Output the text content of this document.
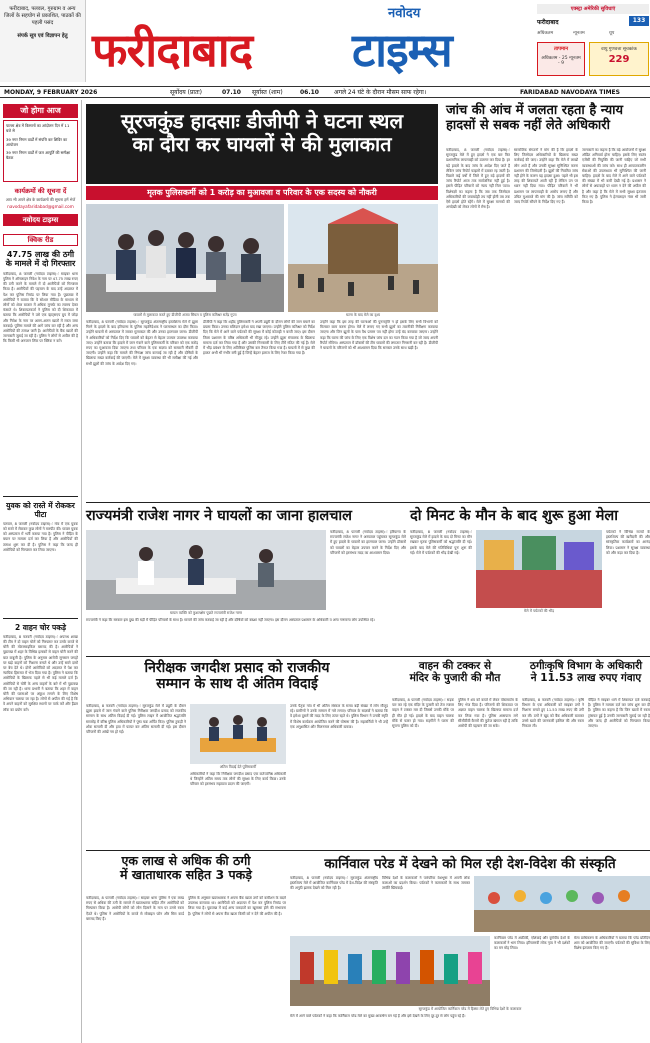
फरीदाबाद, पलवल, गुरुग्राम व अन्य जिलों के सहयोग से प्रकाशित, पाठकों की पहली पसंद
संपर्क सूत्र एवं विज्ञापन हेतु
नवोदय
फरीदाबाद टाइम्स
एक्स्ट्रा अमेरिकी सुविधाएं
फरीदाबाद	133
अधिकतम	न्यूनतम	धूप
तापमान
अधिकतम - 25 न्यूनतम - 9
वायु गुणवत्ता सूचकांक
229
MONDAY, 9 FEBRUARY 2026	सूर्योदय (प्रातः)	07.10 सूर्यास्त (शाम)	06.10	अगले 24 घंटे के दौरान मौसम साफ रहेगा।	FARIDABAD NAVODAYA TIMES
जो होगा आज
पाल्ला क्षेत्र में किसानों का आंदोलन दिन में 11 बजे से
39 नगर निगम वार्डों में संपत्ति कर शिविर का आयोजन
39 नगर निगम वार्डों में जल आपूर्ति की समीक्षा बैठक
कार्यक्रमों की सूचना दें
आप भी अपने क्षेत्र के कार्यक्रमों की सूचना हमें भेजें
navodayafaridabad@gmail.com
नवोदय टाइम्स
क्विक रीड
47.75 लाख की ठगी के मामले में दो गिरफ्तार
फरीदाबाद, 8 फरवरी (नवोदय टाइम्स)ः साइबर थाना पुलिस ने ऑनलाइन निवेश के नाम पर 47.75 लाख रुपए की ठगी करने के मामले में दो आरोपियों को गिरफ्तार किया है। आरोपियों की पहचान के बाद उन्हें अदालत में पेश कर पुलिस रिमांड पर लिया गया है। पूछताछ में आरोपियों ने बताया कि वे सोशल मीडिया के माध्यम से लोगों को शेयर बाजार में अधिक मुनाफे का लालच देकर फंसाते थे। शिकायतकर्ता ने पुलिस को दी शिकायत में बताया कि आरोपियों ने उसे एक व्हाट्सएप ग्रुप में जोड़ा और निवेश के नाम पर अलग-अलग खातों में रकम जमा करवाई। पुलिस मामले की आगे जांच कर रही है और अन्य आरोपियों की तलाश जारी है। आरोपियों के बैंक खातों की जानकारी जुटाई जा रही है। पुलिस ने लोगों से अपील की है कि किसी भी अनजान लिंक पर क्लिक न करें।
युवक को रास्ते में रोककर पीटा
पलवल, 8 फरवरी (नवोदय टाइम्स)ः गांव में एक युवक को रास्ते में रोककर कुछ लोगों ने मारपीट की। घायल युवक को अस्पताल में भर्ती कराया गया है। पुलिस ने पीड़ित के बयान पर मामला दर्ज कर लिया है और आरोपियों की तलाश शुरू कर दी है। पुलिस ने कहा कि जल्द ही आरोपियों को गिरफ्तार कर लिया जाएगा।
2 वाहन चोर पकड़े
फरीदाबाद, 8 फरवरी (नवोदय टाइम्स)ः अपराध शाखा की टीम ने दो वाहन चोरों को गिरफ्तार कर उनके कब्जे से चोरी की मोटरसाइकिल बरामद की है। आरोपियों ने पूछताछ में शहर के विभिन्न इलाकों से वाहन चोरी करने की बात कबूली है। पुलिस के अनुसार आरोपी सुनसान जगहों पर खड़े वाहनों को निशाना बनाते थे और उन्हें सस्ते दामों पर बेच देते थे। दोनों आरोपियों को अदालत में पेश कर न्यायिक हिरासत में भेज दिया गया है। पुलिस ने बताया कि आरोपियों के खिलाफ पहले से भी कई मामले दर्ज हैं। आरोपियों से चोरी के अन्य वाहनों के बारे में भी पूछताछ की जा रही है। थाना प्रभारी ने बताया कि शहर में वाहन चोरी की घटनाओं पर अंकुश लगाने के लिए विशेष अभियान चलाया जा रहा है। लोगों से अपील की गई है कि वे अपने वाहनों को सुरक्षित स्थानों पर पार्क करें और हैंडल लॉक का प्रयोग करें।
सूरजकुंड हादसाः डीजीपी ने घटना स्थल
का दौरा कर घायलों से की मुलाकात
मृतक पुलिसकर्मी को 1 करोड़ का मुआवजा व परिवार के एक सदस्य को नौकरी
घायलों से मुलाकात करते हुए डीजीपी अजय सिंघल व पुलिस कमिश्नर सतेंद्र गुप्ता	घटना के बाद मेले का दृश्य
फरीदाबाद, 8 फरवरी (नवोदय टाइम्स)ः सूरजकुंड अंतरराष्ट्रीय हस्तशिल्प मेले में झूला गिरने के हादसे के बाद हरियाणा के पुलिस महानिदेशक ने घटनास्थल का दौरा किया। उन्होंने घायलों से अस्पताल में जाकर मुलाकात की और उनका हालचाल जाना। डीजीपी ने अधिकारियों को निर्देश दिए कि घायलों को बेहतर से बेहतर उपचार उपलब्ध करवाया जाए। उन्होंने बताया कि हादसे में जान गंवाने वाले पुलिसकर्मी के परिवार को एक करोड़ रुपए का मुआवजा दिया जाएगा तथा परिवार के एक सदस्य को सरकारी नौकरी दी जाएगी। उन्होंने कहा कि मामले की निष्पक्ष जांच करवाई जा रही है और दोषियों के खिलाफ सख्त कार्रवाई की जाएगी। मेले में सुरक्षा व्यवस्था की भी समीक्षा की गई और सभी झूलों की जांच के आदेश दिए गए।
डीजीपी ने कहा कि शहीद पुलिसकर्मी ने अपनी ड्यूटी के दौरान लोगों की जान बचाने का प्रयास किया। उनका बलिदान हमेशा याद रखा जाएगा। उन्होंने पुलिस कमिश्नर को निर्देश दिए कि मेले में आने वाले पर्यटकों की सुरक्षा में कोई कोताही न बरती जाए। इस दौरान जिला प्रशासन के वरिष्ठ अधिकारी भी मौजूद रहे। उन्होंने झूला संचालक के खिलाफ मामला दर्ज कर लिया गया है और उसकी गिरफ्तारी के लिए टीमें गठित की गई हैं। मेले में भीड़ प्रबंधन के लिए अतिरिक्त पुलिस बल तैनात किया गया है। घायलों में से कुछ की हालत अभी भी गंभीर बनी हुई है जिन्हें बेहतर इलाज के लिए रेफर किया गया है।
उन्होंने कहा कि इस तरह की घटनाओं की पुनरावृत्ति न हो इसके लिए सभी विभागों को मिलकर काम करना होगा। मेले में लगाए गए सभी झूलों का तकनीकी निरीक्षण करवाया जाएगा और जिन झूलों के पास वैध प्रमाण पत्र नहीं होगा उन्हें बंद करवाया जाएगा। उन्होंने कहा कि घटना की जांच के लिए एक विशेष जांच दल का गठन किया गया है जो जल्द अपनी रिपोर्ट सौंपेगा। अस्पताल में डॉक्टरों की टीम घायलों की लगातार निगरानी कर रही है। डीजीपी ने घायलों के परिजनों को भी आश्वासन दिया कि सरकार उनके साथ खड़ी है।
जांच की आंच में जलता रहता है न्याय
हादसों से सबक नहीं लेते अधिकारी
फरीदाबाद, 8 फरवरी (नवोदय टाइम्स)ः सूरजकुंड मेले में हुए हादसे ने एक बार फिर प्रशासनिक लापरवाही को उजागर कर दिया है। हर बड़े हादसे के बाद जांच के आदेश दिए जाते हैं लेकिन जांच रिपोर्ट फाइलों में दबकर रह जाती है। पिछले कई वर्षों में जिले में हुए बड़े हादसों की जांच रिपोर्ट आज तक सार्वजनिक नहीं हुई है। इससे पीड़ित परिवारों को न्याय नहीं मिल पाता। विशेषज्ञों का कहना है कि जब तक जिम्मेदार अधिकारियों की जवाबदेही तय नहीं होगी तब तक ऐसे हादसे होते रहेंगे। मेले में सुरक्षा मानकों की अनदेखी को लेकर लोगों में रोष है।
सामाजिक संगठनों ने मांग की है कि हादसे के लिए जिम्मेदार अधिकारियों के खिलाफ सख्त कार्रवाई की जाए। उन्होंने कहा कि मेले में लाखों लोग आते हैं और उनकी सुरक्षा सुनिश्चित करना प्रशासन की जिम्मेदारी है। झूलों की नियमित जांच नहीं होने के कारण यह हादसा हुआ। पहले भी इस तरह की शिकायतें आती रही हैं लेकिन उन पर ध्यान नहीं दिया गया। पीड़ित परिवारों ने भी प्रशासन पर लापरवाही के आरोप लगाए हैं और उचित मुआवजे की मांग की है। जांच समिति को जल्द रिपोर्ट सौंपने के निर्देश दिए गए हैं।
जानकारों का कहना है कि बड़े आयोजनों में सुरक्षा ऑडिट अनिवार्य होना चाहिए। इसके लिए स्वतंत्र एजेंसी की नियुक्ति की जानी चाहिए जो सभी व्यवस्थाओं की जांच करे। साथ ही आपातकालीन सेवाओं की उपलब्धता भी सुनिश्चित की जानी चाहिए। हादसे के बाद मेले में आने वाले पर्यटकों की संख्या में भी कमी देखी गई है। प्रशासन ने लोगों से अफवाहों पर ध्यान न देने की अपील की है और कहा है कि मेले में सभी सुरक्षा इंतजाम किए गए हैं। पुलिस ने हेल्पलाइन नंबर भी जारी किया है।
राज्यमंत्री राजेश नागर ने घायलों का जाना हालचाल
घायल व्यक्ति को कुशलक्षेम पूछते राज्यमंत्री राजेश नागर
फरीदाबाद, 8 फरवरी (नवोदय टाइम्स)ः हरियाणा के राज्यमंत्री राजेश नागर ने अस्पताल पहुंचकर सूरजकुंड मेले में हुए हादसे के घायलों का हालचाल जाना। उन्होंने डॉक्टरों को घायलों का बेहतर उपचार करने के निर्देश दिए और परिजनों को हरसंभव मदद का आश्वासन दिया।
राज्यमंत्री ने कहा कि सरकार इस दुख की घड़ी में पीड़ित परिवारों के साथ है। मामले की जांच करवाई जा रही है और दोषियों को बख्शा नहीं जाएगा। इस दौरान अस्पताल प्रशासन के अधिकारी व अन्य गणमान्य लोग उपस्थित रहे।
दो मिनट के मौन के बाद शुरू हुआ मेला
फरीदाबाद, 8 फरवरी (नवोदय टाइम्स)ः सूरजकुंड मेले में हादसे के बाद दो मिनट का मौन रखकर मृतक पुलिसकर्मी को श्रद्धांजलि दी गई। इसके बाद मेले की गतिविधियां पुनः शुरू की गईं। मेले में पर्यटकों की भीड़ देखी गई।
मेले में पर्यटकों की भीड़
पर्यटकों ने विभिन्न राज्यों के हस्तशिल्प की खरीदारी की और सांस्कृतिक कार्यक्रमों का आनंद लिया। प्रशासन ने सुरक्षा व्यवस्था को और कड़ा कर दिया है।
निरीक्षक जगदीश प्रसाद को राजकीय
सम्मान के साथ दी अंतिम विदाई
फरीदाबाद, 8 फरवरी (नवोदय टाइम्स)ः सूरजकुंड मेले में ड्यूटी के दौरान झूला हादसे में जान गंवाने वाले पुलिस निरीक्षक जगदीश प्रसाद को राजकीय सम्मान के साथ अंतिम विदाई दी गई। पुलिस लाइन में आयोजित श्रद्धांजलि समारोह में वरिष्ठ पुलिस अधिकारियों ने पुष्प चक्र अर्पित किए। पुलिस टुकड़ी ने शोक सलामी दी और हवा में फायर कर अंतिम सलामी दी गई। इस दौरान परिजनों की आंखें नम हो गईं।
अंतिम विदाई देते पुलिसकर्मी
अधिकारियों ने कहा कि निरीक्षक जगदीश प्रसाद एक कर्तव्यनिष्ठ अधिकारी थे जिन्होंने अंतिम समय तक लोगों की सुरक्षा के लिए कार्य किया। उनके परिवार को हरसंभव सहायता प्रदान की जाएगी।
उनके पैतृक गांव में भी अंतिम संस्कार के समय बड़ी संख्या में लोग मौजूद रहे। ग्रामीणों ने उनके सम्मान में नारे लगाए। परिवार के सदस्यों ने बताया कि वे हमेशा दूसरों की मदद के लिए तत्पर रहते थे। पुलिस विभाग ने उनकी स्मृति में विशेष कार्यक्रम आयोजित करने की घोषणा की है। सहकर्मियों ने भी उन्हें एक अनुशासित और मिलनसार अधिकारी बताया।
वाहन की टक्कर से
मंदिर के पुजारी की मौत
फरीदाबाद, 8 फरवरी (नवोदय टाइम्स)ः सड़क पार कर रहे एक मंदिर के पुजारी को तेज रफ्तार वाहन ने टक्कर मार दी जिससे उनकी मौके पर ही मौत हो गई। हादसे के बाद वाहन चालक मौके से फरार हो गया। राहगीरों ने घटना की सूचना पुलिस को दी।
पुलिस ने शव को कब्जे में लेकर पोस्टमार्टम के लिए भेज दिया है। परिजनों की शिकायत पर अज्ञात वाहन चालक के खिलाफ मामला दर्ज कर लिया गया है। पुलिस आसपास लगे सीसीटीवी कैमरों की फुटेज खंगाल रही है ताकि आरोपी की पहचान की जा सके।
ठगीःकृषि विभाग के अधिकारी
ने 11.53 लाख रुपए गंवाए
फरीदाबाद, 8 फरवरी (नवोदय टाइम्स)ः कृषि विभाग के एक अधिकारी को साइबर ठगों ने निशाना बनाते हुए 11.53 लाख रुपए की ठगी कर ली। ठगों ने खुद को बैंक अधिकारी बताकर उनसे खाते की जानकारी हासिल की और रकम निकाल ली।
पीड़ित ने साइबर थाने में शिकायत दर्ज करवाई है। पुलिस ने मामला दर्ज कर जांच शुरू कर दी है। पुलिस का कहना है कि जिन खातों में रकम ट्रांसफर हुई है उनकी जानकारी जुटाई जा रही है और जल्द ही आरोपियों को गिरफ्तार किया जाएगा।
एक लाख से अधिक की ठगी
में खाताधारक सहित 3 पकड़े
फरीदाबाद, 8 फरवरी (नवोदय टाइम्स)ः साइबर थाना पुलिस ने एक लाख रुपए से अधिक की ठगी के मामले में खाताधारक सहित तीन आरोपियों को गिरफ्तार किया है। आरोपी लोगों को लोन दिलाने के नाम पर उनसे रकम ऐंठते थे। पुलिस ने आरोपियों के कब्जे से मोबाइल फोन और सिम कार्ड बरामद किए हैं।
पुलिस के अनुसार खाताधारक ने अपना बैंक खाता ठगों को कमीशन के बदले उपलब्ध करवाया था। आरोपियों को अदालत में पेश कर पुलिस रिमांड पर लिया गया है। पूछताछ में कई अन्य वारदातों का खुलासा होने की संभावना है। पुलिस ने लोगों से अपना बैंक खाता किसी को न देने की अपील की है।
कार्निवाल परेड में देखने को मिल रही देश-विदेश की संस्कृति
फरीदाबाद, 8 फरवरी (नवोदय टाइम्स)ः सूरजकुंड अंतरराष्ट्रीय हस्तशिल्प मेले में आयोजित कार्निवाल परेड में देश-विदेश की संस्कृति की अनूठी झलक देखने को मिल रही है।
विभिन्न देशों के कलाकारों ने पारंपरिक वेशभूषा में अपनी लोक कलाओं का प्रदर्शन किया। पर्यटकों ने कलाकारों के साथ जमकर तस्वीरें खिंचवाईं।
सूरजकुंड में आयोजित कार्निवाल परेड में हिस्सा लेते हुए विभिन्न देशों के कलाकार
कार्निवाल परेड में अफ्रीकी, एशियाई और यूरोपीय देशों के कलाकारों ने भाग लिया। हरियाणवी लोक नृत्य ने भी दर्शकों का मन मोह लिया।
मेला प्राधिकरण के अधिकारियों ने बताया कि परेड प्रतिदिन शाम को आयोजित की जाएगी। पर्यटकों की सुविधा के लिए विशेष इंतजाम किए गए हैं।
मेले में आने वाले पर्यटकों ने कहा कि कार्निवाल परेड मेले का मुख्य आकर्षण बन गई है और इसे देखने के लिए दूर-दूर से लोग पहुंच रहे हैं।
